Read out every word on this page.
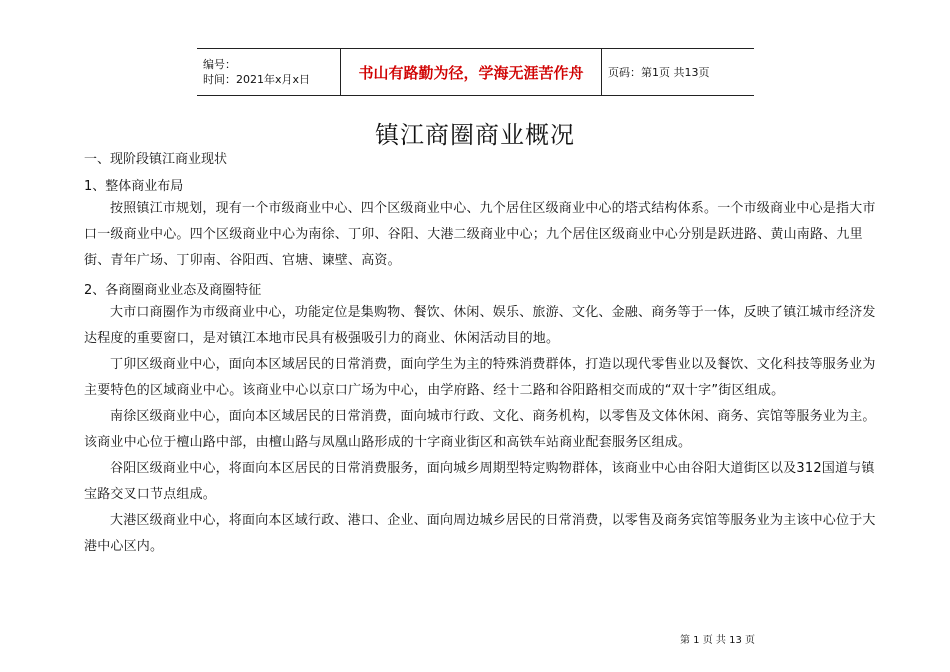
编号：
时间：2021年x月x日	书山有路勤为径，学海无涯苦作舟	页码：第1页 共13页
镇江商圈商业概况
一、现阶段镇江商业现状
1、整体商业布局
按照镇江市规划，现有一个市级商业中心、四个区级商业中心、九个居住区级商业中心的塔式结构体系。一个市级商业中心是指大市口一级商业中心。四个区级商业中心为南徐、丁卯、谷阳、大港二级商业中心；九个居住区级商业中心分别是跃进路、黄山南路、九里街、青年广场、丁卯南、谷阳西、官塘、谏壁、高资。
2、各商圈商业业态及商圈特征
大市口商圈作为市级商业中心，功能定位是集购物、餐饮、休闲、娱乐、旅游、文化、金融、商务等于一体，反映了镇江城市经济发达程度的重要窗口，是对镇江本地市民具有极强吸引力的商业、休闲活动目的地。
丁卯区级商业中心，面向本区域居民的日常消费，面向学生为主的特殊消费群体，打造以现代零售业以及餐饮、文化科技等服务业为主要特色的区域商业中心。该商业中心以京口广场为中心，由学府路、经十二路和谷阳路相交而成的“双十字”街区组成。
南徐区级商业中心，面向本区域居民的日常消费，面向城市行政、文化、商务机构，以零售及文体休闲、商务、宾馆等服务业为主。该商业中心位于檀山路中部，由檀山路与凤凰山路形成的十字商业街区和高铁车站商业配套服务区组成。
谷阳区级商业中心，将面向本区居民的日常消费服务，面向城乡周期型特定购物群体，该商业中心由谷阳大道街区以及312国道与镇宝路交叉口节点组成。
大港区级商业中心，将面向本区域行政、港口、企业、面向周边城乡居民的日常消费，以零售及商务宾馆等服务业为主该中心位于大港中心区内。
第 1 页 共 13 页
